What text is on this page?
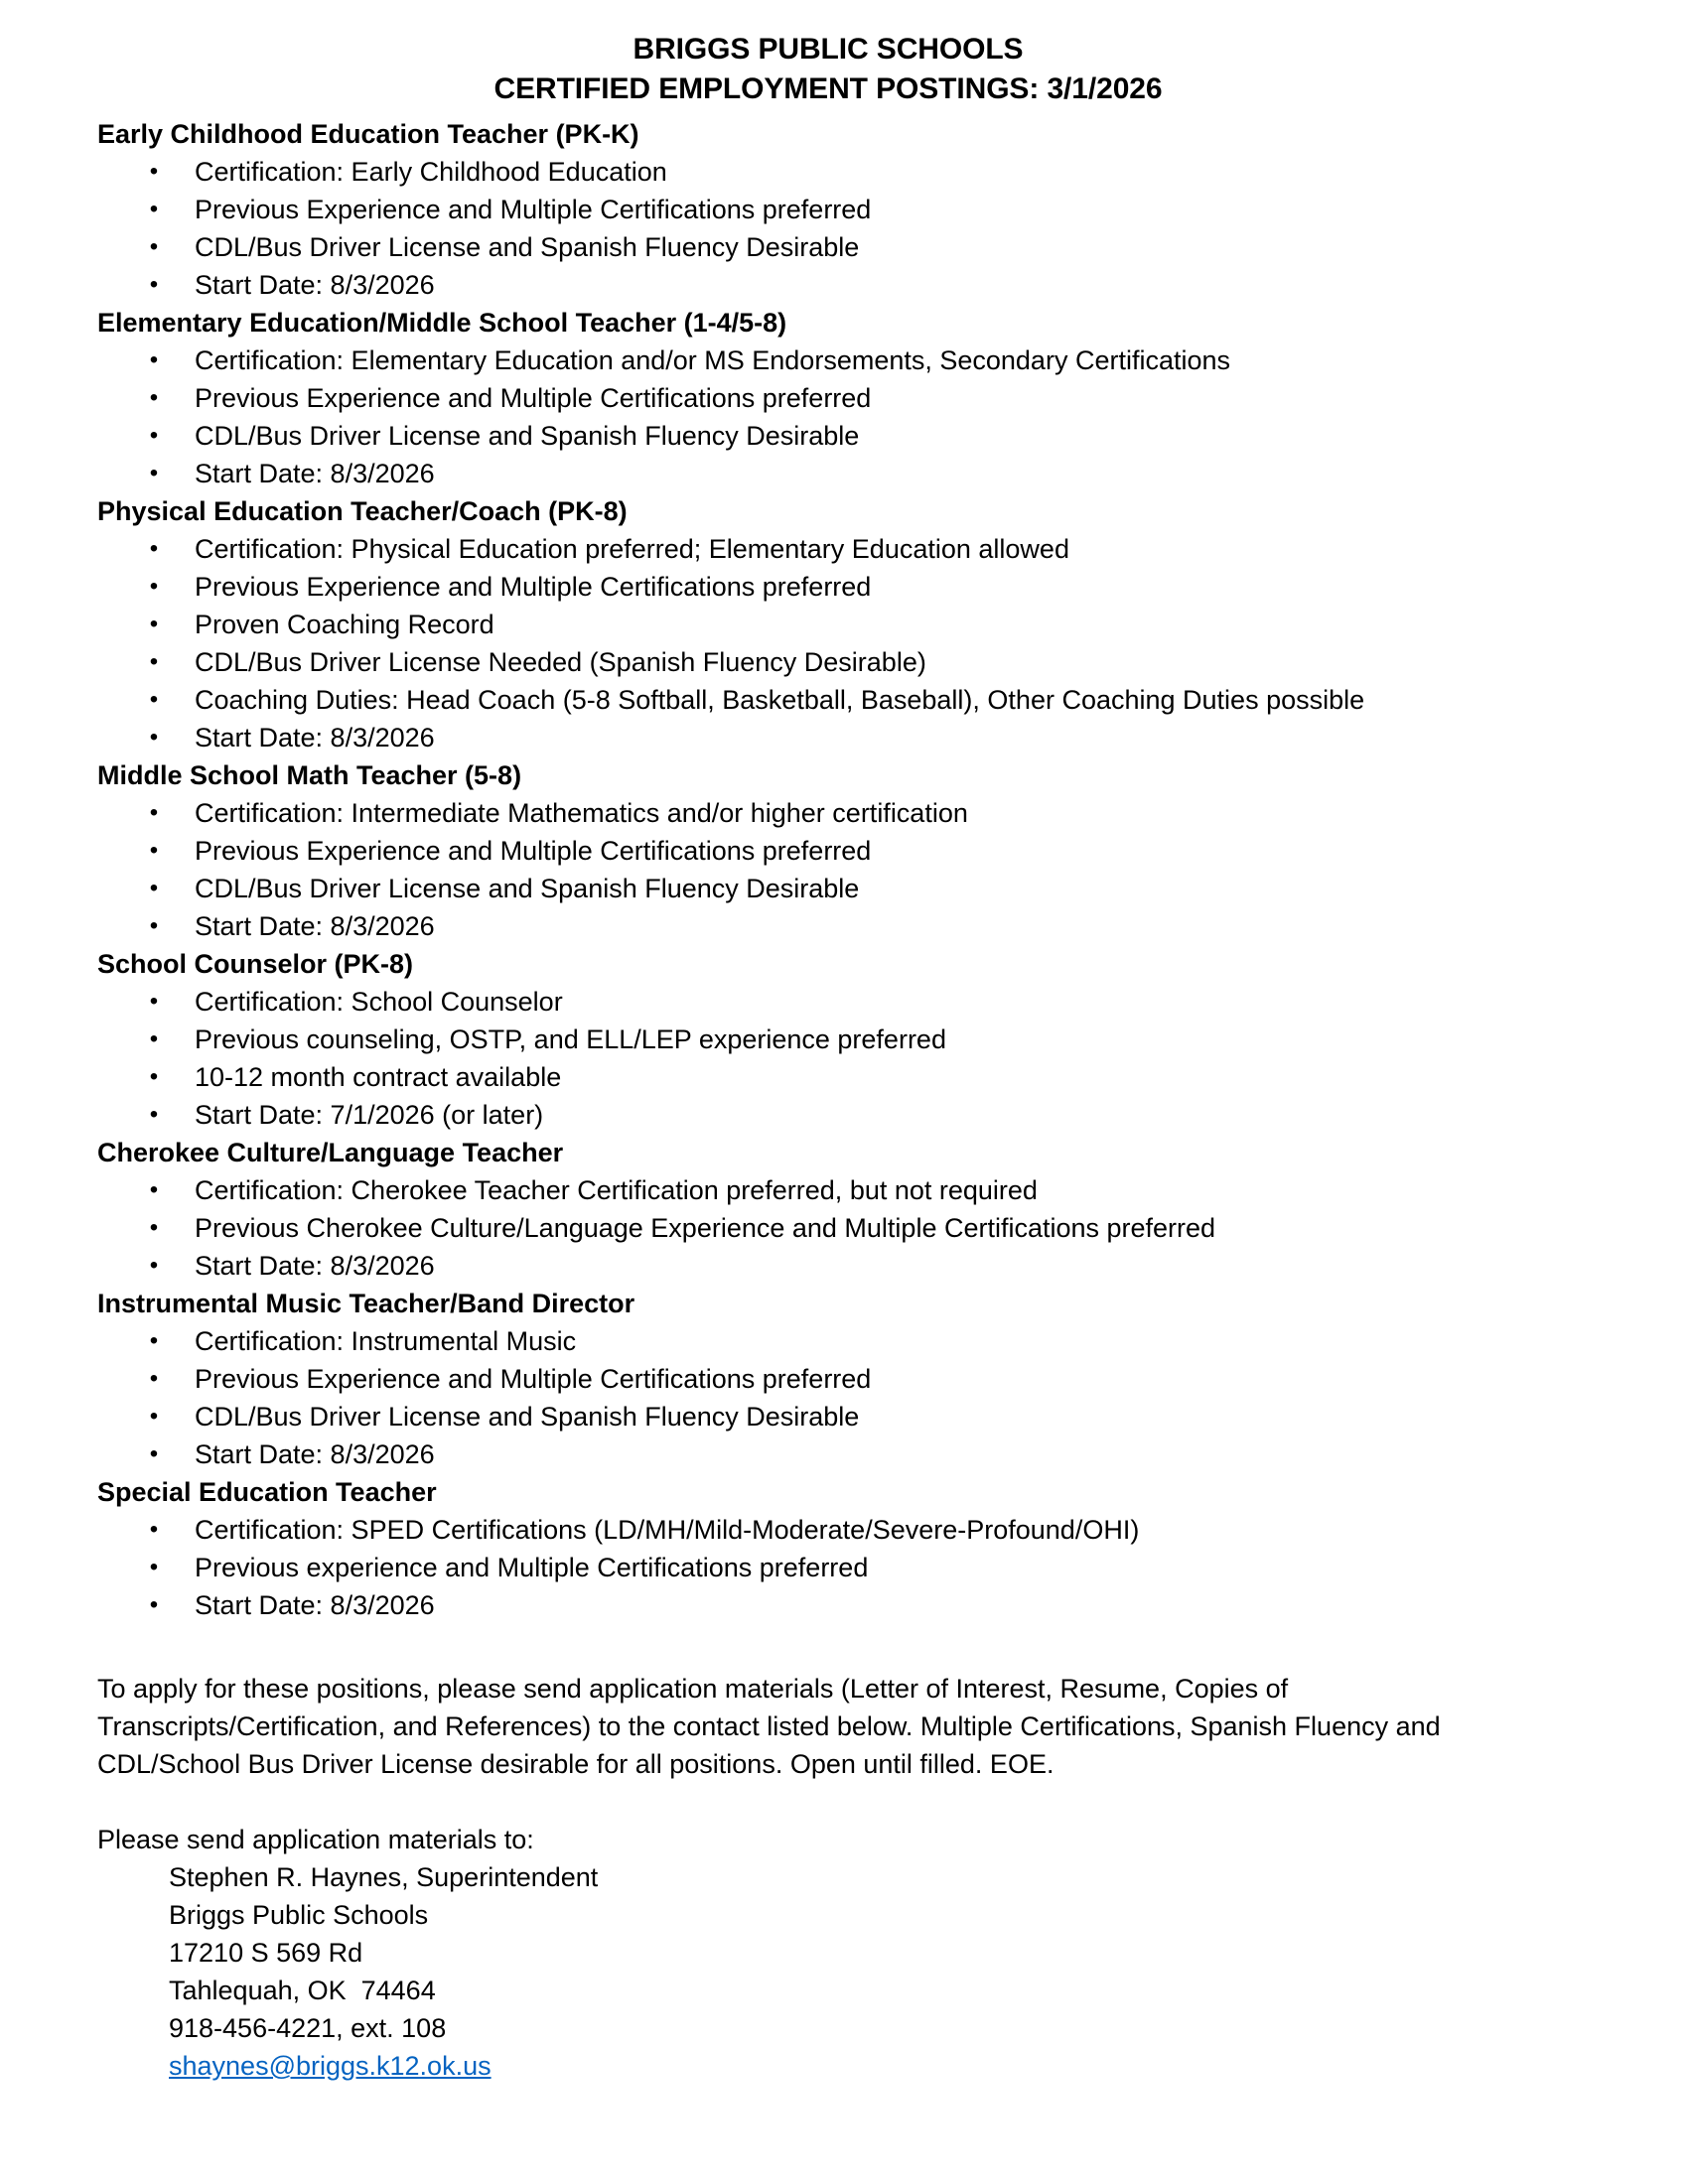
BRIGGS PUBLIC SCHOOLS
CERTIFIED EMPLOYMENT POSTINGS: 3/1/2026
Early Childhood Education Teacher (PK-K)
• Certification: Early Childhood Education
• Previous Experience and Multiple Certifications preferred
• CDL/Bus Driver License and Spanish Fluency Desirable
• Start Date: 8/3/2026
Elementary Education/Middle School Teacher (1-4/5-8)
• Certification: Elementary Education and/or MS Endorsements, Secondary Certifications
• Previous Experience and Multiple Certifications preferred
• CDL/Bus Driver License and Spanish Fluency Desirable
• Start Date: 8/3/2026
Physical Education Teacher/Coach (PK-8)
• Certification: Physical Education preferred; Elementary Education allowed
• Previous Experience and Multiple Certifications preferred
• Proven Coaching Record
• CDL/Bus Driver License Needed (Spanish Fluency Desirable)
• Coaching Duties: Head Coach (5-8 Softball, Basketball, Baseball), Other Coaching Duties possible
• Start Date: 8/3/2026
Middle School Math Teacher (5-8)
• Certification: Intermediate Mathematics and/or higher certification
• Previous Experience and Multiple Certifications preferred
• CDL/Bus Driver License and Spanish Fluency Desirable
• Start Date: 8/3/2026
School Counselor (PK-8)
• Certification: School Counselor
• Previous counseling, OSTP, and ELL/LEP experience preferred
• 10-12 month contract available
• Start Date: 7/1/2026 (or later)
Cherokee Culture/Language Teacher
• Certification: Cherokee Teacher Certification preferred, but not required
• Previous Cherokee Culture/Language Experience and Multiple Certifications preferred
• Start Date: 8/3/2026
Instrumental Music Teacher/Band Director
• Certification: Instrumental Music
• Previous Experience and Multiple Certifications preferred
• CDL/Bus Driver License and Spanish Fluency Desirable
• Start Date: 8/3/2026
Special Education Teacher
• Certification: SPED Certifications (LD/MH/Mild-Moderate/Severe-Profound/OHI)
• Previous experience and Multiple Certifications preferred
• Start Date: 8/3/2026

To apply for these positions, please send application materials (Letter of Interest, Resume, Copies of Transcripts/Certification, and References) to the contact listed below. Multiple Certifications, Spanish Fluency and CDL/School Bus Driver License desirable for all positions. Open until filled. EOE.

Please send application materials to:

Stephen R. Haynes, Superintendent
Briggs Public Schools
17210 S 569 Rd
Tahlequah, OK  74464
918-456-4221, ext. 108
shaynes@briggs.k12.ok.us
